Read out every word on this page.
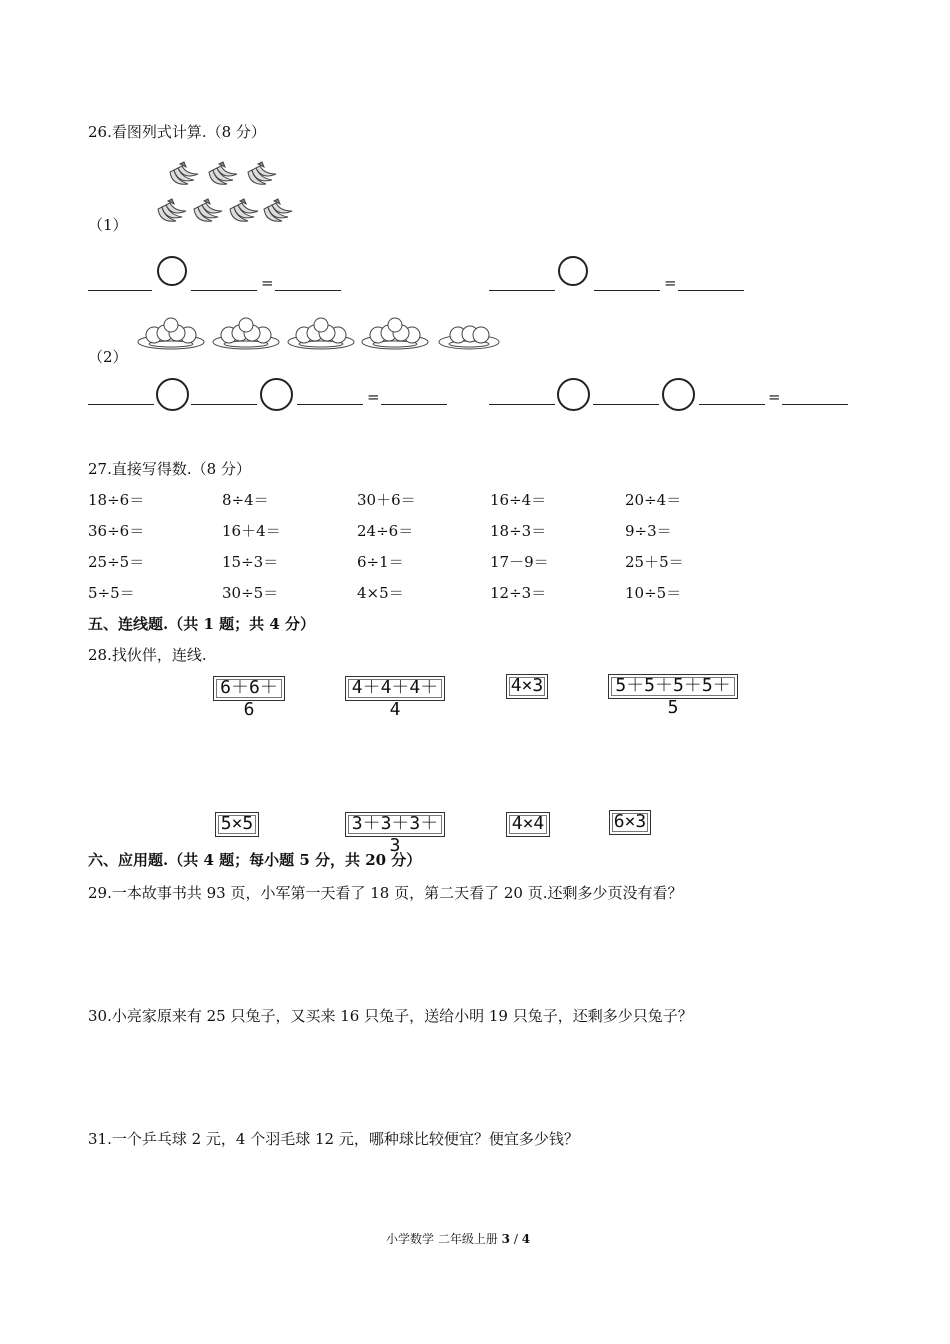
26.看图列式计算.（8 分）
（1）
=	=
（2）
=	=
27.直接写得数.（8 分）
18÷6＝	8÷4＝	30＋6＝	16÷4＝	20÷4＝
36÷6＝	16＋4＝	24÷6＝	18÷3＝	9÷3＝
25÷5＝	15÷3＝	6÷1＝	17－9＝	25＋5＝
5÷5＝	30÷5＝	4×5＝	12÷3＝	10÷5＝
五、连线题.（共 1 题；共 4 分）
28.找伙伴，连线.
6＋6＋6
4＋4＋4＋4
4×3	5＋5＋5＋5＋5
5×5	3＋3＋3＋3
4×4	6×3
六、应用题.（共 4 题；每小题 5 分，共 20 分）
29.一本故事书共 93 页，小军第一天看了 18 页，第二天看了 20 页.还剩多少页没有看？
30.小亮家原来有 25 只兔子，又买来 16 只兔子，送给小明 19 只兔子，还剩多少只兔子？
31.一个乒乓球 2 元，4 个羽毛球 12 元，哪种球比较便宜？便宜多少钱？
小学数学 二年级上册 3 / 4
